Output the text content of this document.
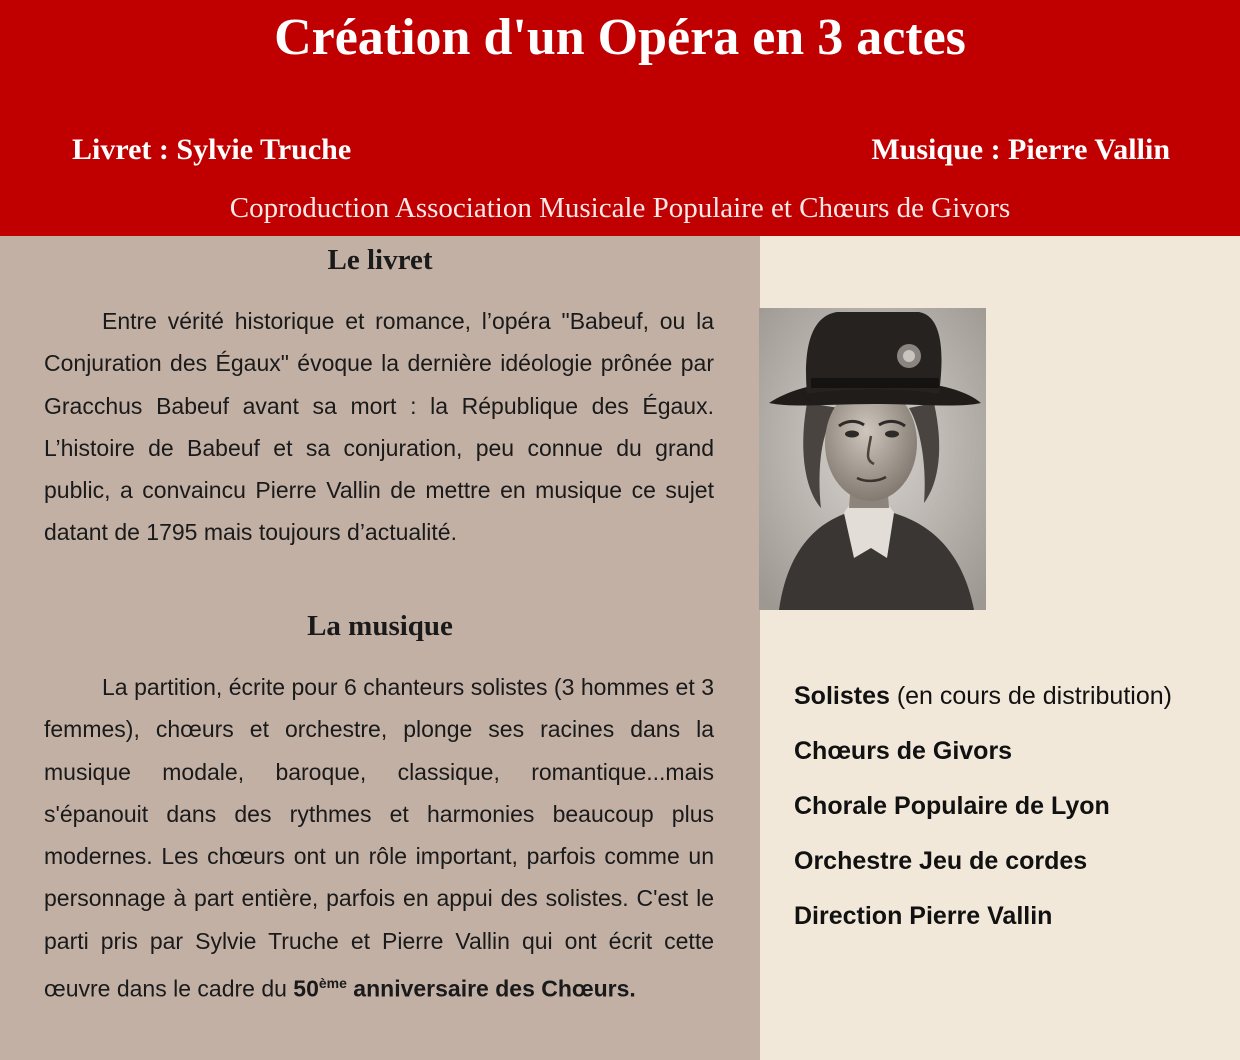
Création d'un Opéra en 3 actes
Livret : Sylvie Truche	Musique : Pierre Vallin
Coproduction Association Musicale Populaire et Chœurs de Givors
Le livret

Entre vérité historique et romance, l’opéra "Babeuf, ou la Conjuration des Égaux" évoque la dernière idéologie prônée par Gracchus Babeuf avant sa mort : la République des Égaux. L’histoire de Babeuf et sa conjuration, peu connue du grand public, a convaincu Pierre Vallin de mettre en musique ce sujet datant de 1795 mais toujours d’actualité.

La musique

La partition, écrite pour 6 chanteurs solistes (3 hommes et 3 femmes), chœurs et orchestre, plonge ses racines dans la musique modale, baroque, classique, romantique...mais s'épanouit dans des rythmes et harmonies beaucoup plus modernes. Les chœurs ont un rôle important, parfois comme un personnage à part entière, parfois en appui des solistes. C'est le parti pris par Sylvie Truche et Pierre Vallin qui ont écrit cette œuvre dans le cadre du 50ème anniversaire des Chœurs.

Solistes (en cours de distribution)
Chœurs de Givors
Chorale Populaire de Lyon
Orchestre Jeu de cordes
Direction Pierre Vallin
